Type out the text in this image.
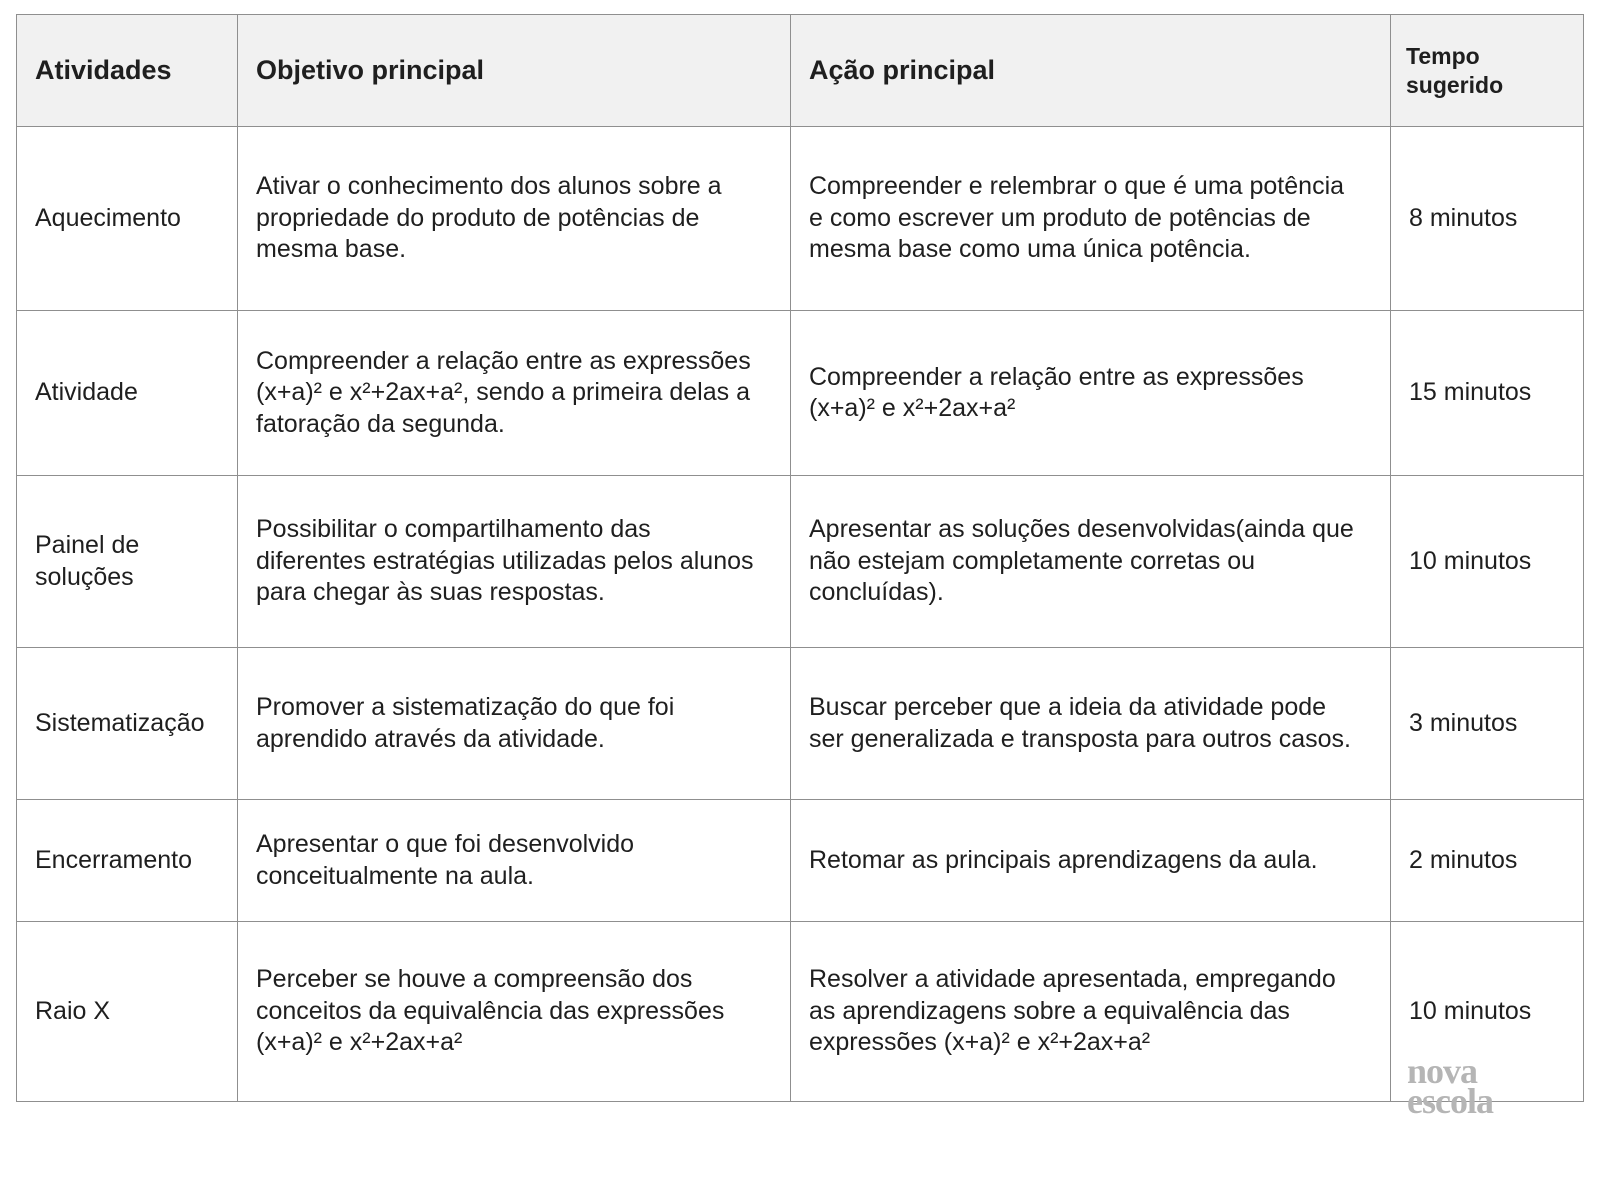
Atividades	Objetivo principal	Ação principal	Tempo sugerido
Aquecimento	Ativar o conhecimento dos alunos sobre a propriedade do produto de potências de mesma base.	Compreender e relembrar o que é uma potência e como escrever um produto de potências de mesma base como uma única potência.	8 minutos
Atividade	Compreender a relação entre as expressões (x+a)² e x²+2ax+a², sendo a primeira delas a fatoração da segunda.	Compreender a relação entre as expressões (x+a)² e x²+2ax+a²	15 minutos
Painel de soluções	Possibilitar o compartilhamento das diferentes estratégias utilizadas pelos alunos para chegar às suas respostas.	Apresentar as soluções desenvolvidas(ainda que não estejam completamente corretas ou concluídas).	10 minutos
Sistematização	Promover a sistematização do que foi aprendido através da atividade.	Buscar perceber que a ideia da atividade pode ser generalizada e transposta para outros casos.	3 minutos
Encerramento	Apresentar o que foi desenvolvido conceitualmente na aula.	Retomar as principais aprendizagens da aula.	2 minutos
Raio X	Perceber se houve a compreensão dos conceitos da equivalência das expressões (x+a)² e x²+2ax+a²	Resolver a atividade apresentada, empregando as aprendizagens sobre a equivalência das expressões (x+a)² e x²+2ax+a²	10 minutos
nova
escola
